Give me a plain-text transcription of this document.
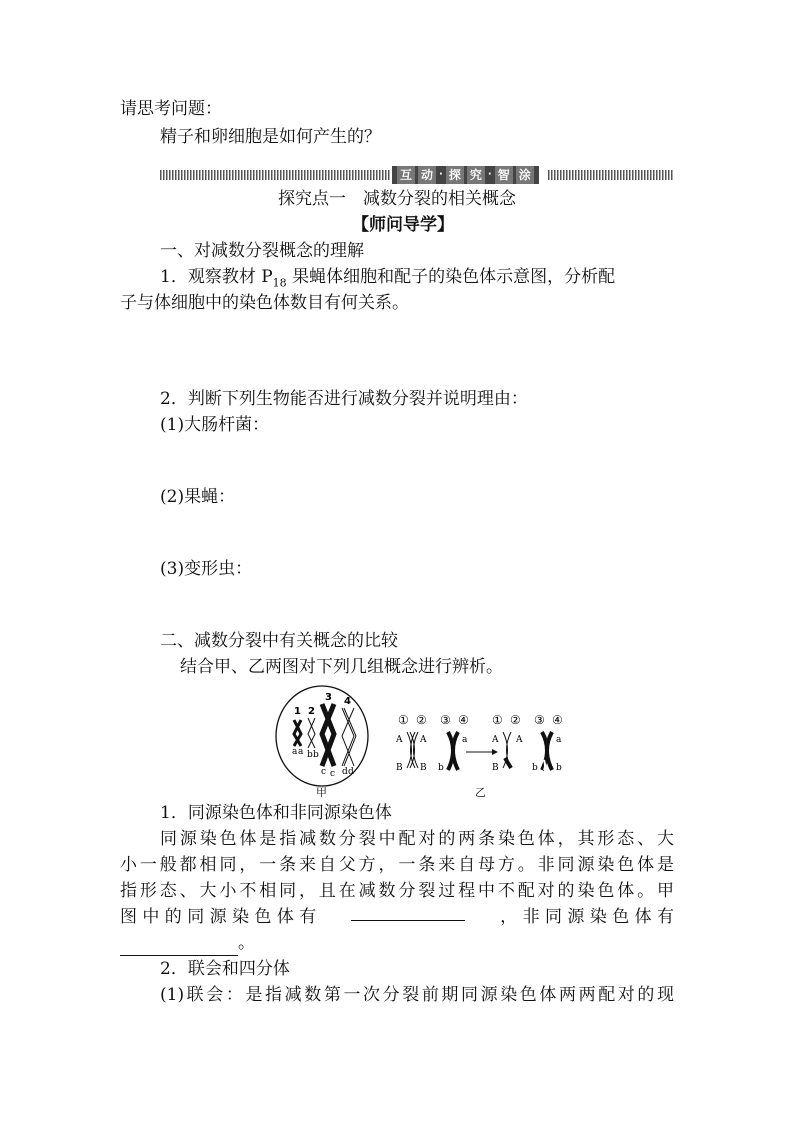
请思考问题：
精子和卵细胞是如何产生的？
互 动 · 探 究 · 智 涂
探究点一　减数分裂的相关概念
【师问导学】
一、对减数分裂概念的理解
1．观察教材 $P_{18}$ 果蝇体细胞和配子的染色体示意图，分析配
子与体细胞中的染色体数目有何关系。
2．判断下列生物能否进行减数分裂并说明理由：
(1)大肠杆菌：
(2)果蝇：
(3)变形虫：
二、减数分裂中有关概念的比较
结合甲、乙两图对下列几组概念进行辨析。
1 2
3 4
a a b b
c c d d
① ② ③ ④
A A	a
B B b
① ② ③ ④
A A	a
B	b b
甲	乙
1．同源染色体和非同源染色体
同源染色体是指减数分裂中配对的两条染色体，其形态、大
小一般都相同，一条来自父方，一条来自母方。非同源染色体是
指形态、大小不相同，且在减数分裂过程中不配对的染色体。甲
图 中 的 同 源 染 色 体 有	， 非 同 源 染 色 体 有
。
2．联会和四分体
(1)联会：是指减数第一次分裂前期同源染色体两两配对的现
